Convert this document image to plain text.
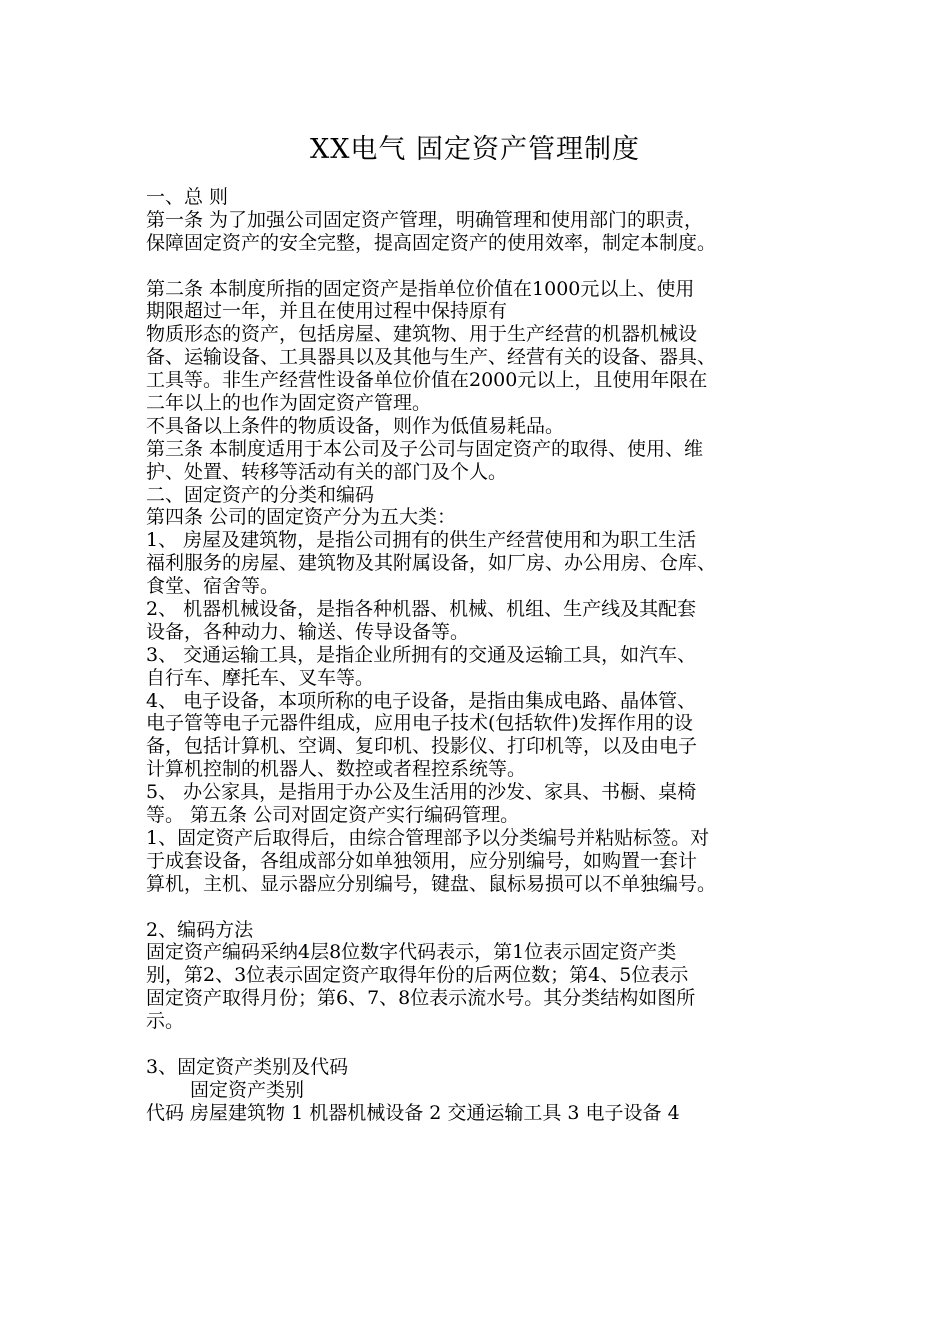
XX电气 固定资产管理制度
一、总 则
第一条 为了加强公司固定资产管理，明确管理和使用部门的职责，
保障固定资产的安全完整，提高固定资产的使用效率，制定本制度。
第二条 本制度所指的固定资产是指单位价值在1000元以上、使用
期限超过一年，并且在使用过程中保持原有
物质形态的资产，包括房屋、建筑物、用于生产经营的机器机械设
备、运输设备、工具器具以及其他与生产、经营有关的设备、器具、
工具等。非生产经营性设备单位价值在2000元以上，且使用年限在
二年以上的也作为固定资产管理。
不具备以上条件的物质设备，则作为低值易耗品。
第三条 本制度适用于本公司及子公司与固定资产的取得、使用、维
护、处置、转移等活动有关的部门及个人。
二、固定资产的分类和编码
第四条 公司的固定资产分为五大类：
1、 房屋及建筑物，是指公司拥有的供生产经营使用和为职工生活
福利服务的房屋、建筑物及其附属设备，如厂房、办公用房、仓库、
食堂、宿舍等。
2、 机器机械设备，是指各种机器、机械、机组、生产线及其配套
设备，各种动力、输送、传导设备等。
3、 交通运输工具，是指企业所拥有的交通及运输工具，如汽车、
自行车、摩托车、叉车等。
4、 电子设备，本项所称的电子设备，是指由集成电路、晶体管、
电子管等电子元器件组成，应用电子技术(包括软件)发挥作用的设
备，包括计算机、空调、复印机、投影仪、打印机等，以及由电子
计算机控制的机器人、数控或者程控系统等。
5、 办公家具，是指用于办公及生活用的沙发、家具、书橱、桌椅
等。 第五条 公司对固定资产实行编码管理。
1、固定资产后取得后，由综合管理部予以分类编号并粘贴标签。对
于成套设备，各组成部分如单独领用，应分别编号，如购置一套计
算机，主机、显示器应分别编号，键盘、鼠标易损可以不单独编号。
2、编码方法
固定资产编码采纳4层8位数字代码表示，第1位表示固定资产类
别，第2、3位表示固定资产取得年份的后两位数；第4、5位表示
固定资产取得月份；第6、7、8位表示流水号。其分类结构如图所
示。
3、固定资产类别及代码
固定资产类别
代码 房屋建筑物 1 机器机械设备 2 交通运输工具 3 电子设备 4
